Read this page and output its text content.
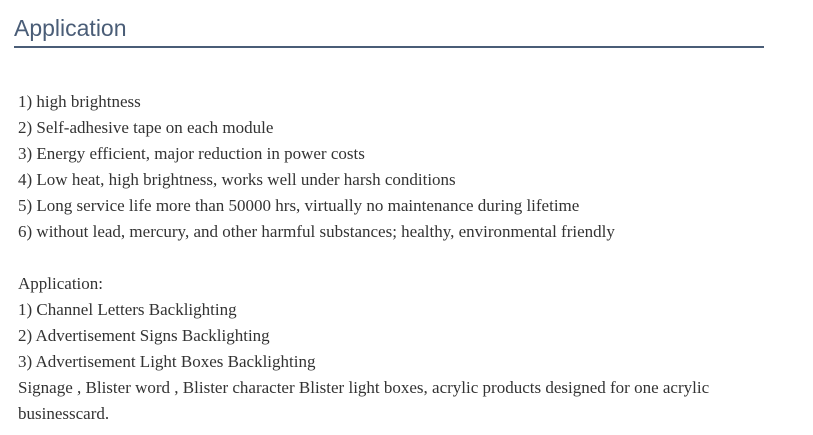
Application
1) high brightness
2) Self-adhesive tape on each module
3) Energy efficient, major reduction in power costs
4) Low heat, high brightness, works well under harsh conditions
5) Long service life more than 50000 hrs, virtually no maintenance during lifetime
6) without lead, mercury, and other harmful substances; healthy, environmental friendly
Application:
1) Channel Letters Backlighting
2) Advertisement Signs Backlighting
3) Advertisement Light Boxes Backlighting
Signage , Blister word , Blister character Blister light boxes, acrylic products designed for one acrylic
businesscard.
